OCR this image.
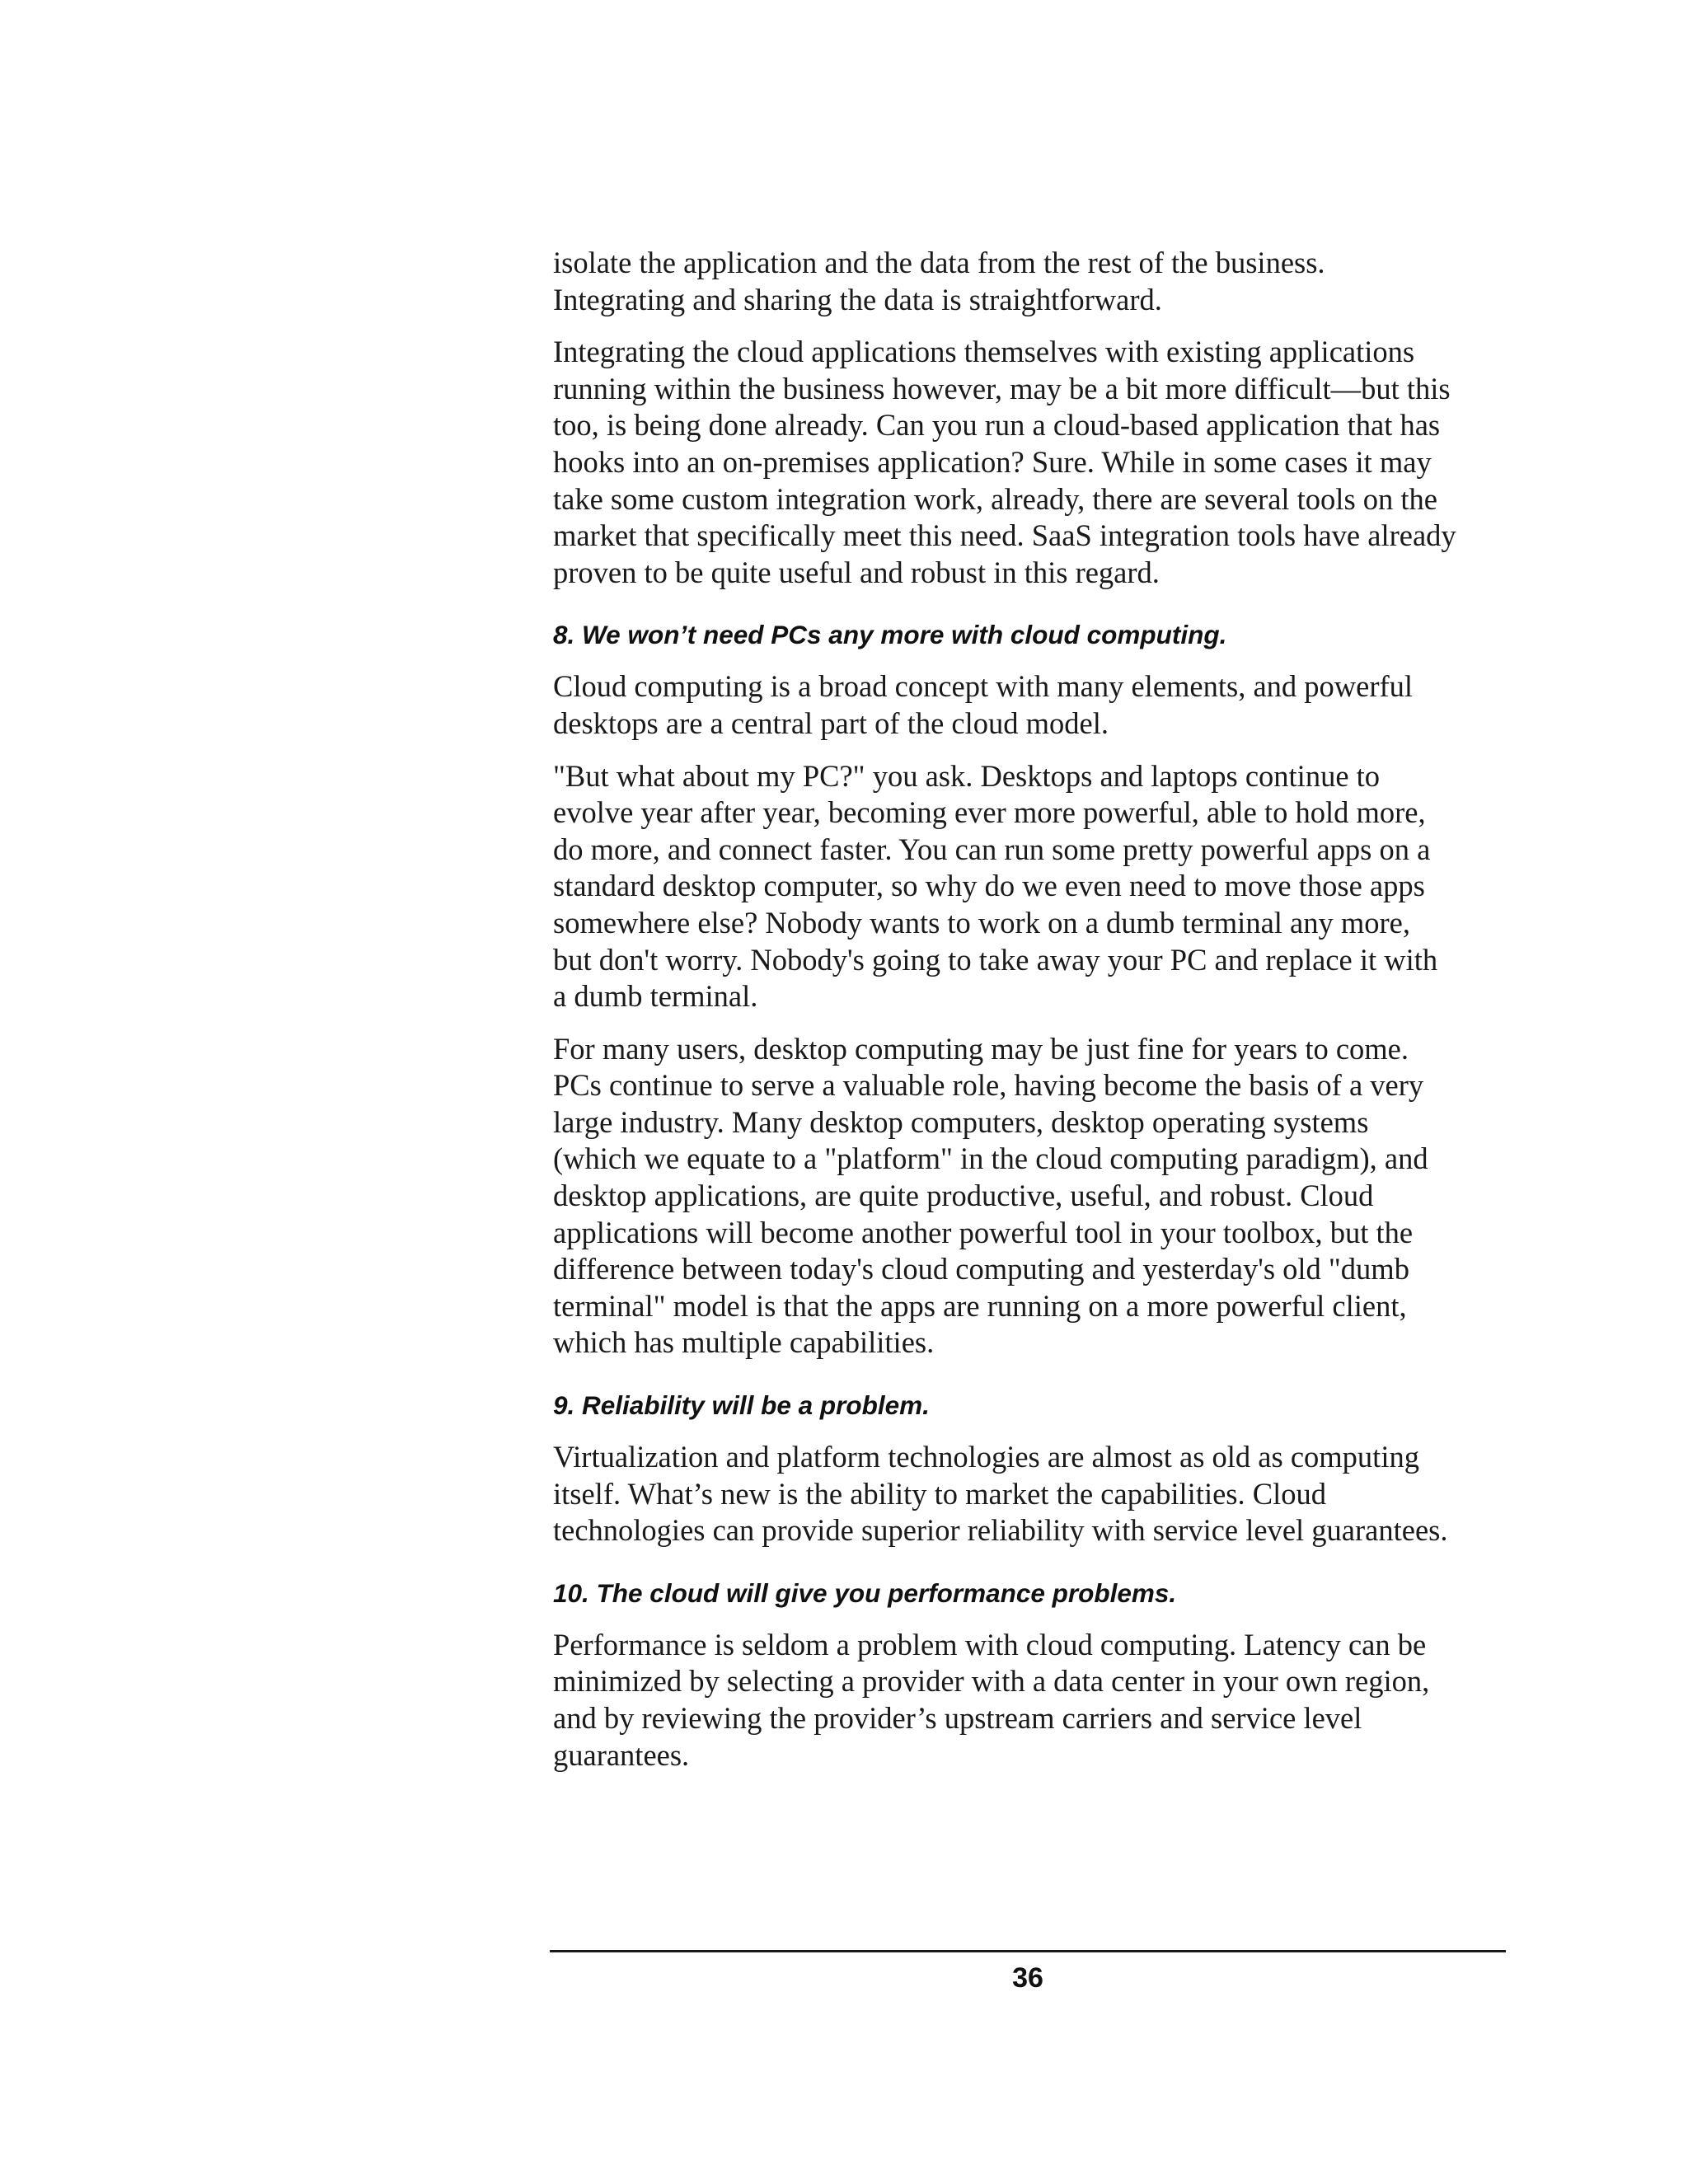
isolate the application and the data from the rest of the business.
Integrating and sharing the data is straightforward.

Integrating the cloud applications themselves with existing applications
running within the business however, may be a bit more difficult—but this
too, is being done already. Can you run a cloud-based application that has
hooks into an on-premises application? Sure. While in some cases it may
take some custom integration work, already, there are several tools on the
market that specifically meet this need. SaaS integration tools have already
proven to be quite useful and robust in this regard.

8. We won’t need PCs any more with cloud computing.

Cloud computing is a broad concept with many elements, and powerful
desktops are a central part of the cloud model.

"But what about my PC?" you ask. Desktops and laptops continue to
evolve year after year, becoming ever more powerful, able to hold more,
do more, and connect faster. You can run some pretty powerful apps on a
standard desktop computer, so why do we even need to move those apps
somewhere else? Nobody wants to work on a dumb terminal any more,
but don't worry. Nobody's going to take away your PC and replace it with
a dumb terminal.

For many users, desktop computing may be just fine for years to come.
PCs continue to serve a valuable role, having become the basis of a very
large industry. Many desktop computers, desktop operating systems
(which we equate to a "platform" in the cloud computing paradigm), and
desktop applications, are quite productive, useful, and robust. Cloud
applications will become another powerful tool in your toolbox, but the
difference between today's cloud computing and yesterday's old "dumb
terminal" model is that the apps are running on a more powerful client,
which has multiple capabilities.

9. Reliability will be a problem.

Virtualization and platform technologies are almost as old as computing
itself. What’s new is the ability to market the capabilities. Cloud
technologies can provide superior reliability with service level guarantees.

10. The cloud will give you performance problems.

Performance is seldom a problem with cloud computing. Latency can be
minimized by selecting a provider with a data center in your own region,
and by reviewing the provider’s upstream carriers and service level
guarantees.

36
